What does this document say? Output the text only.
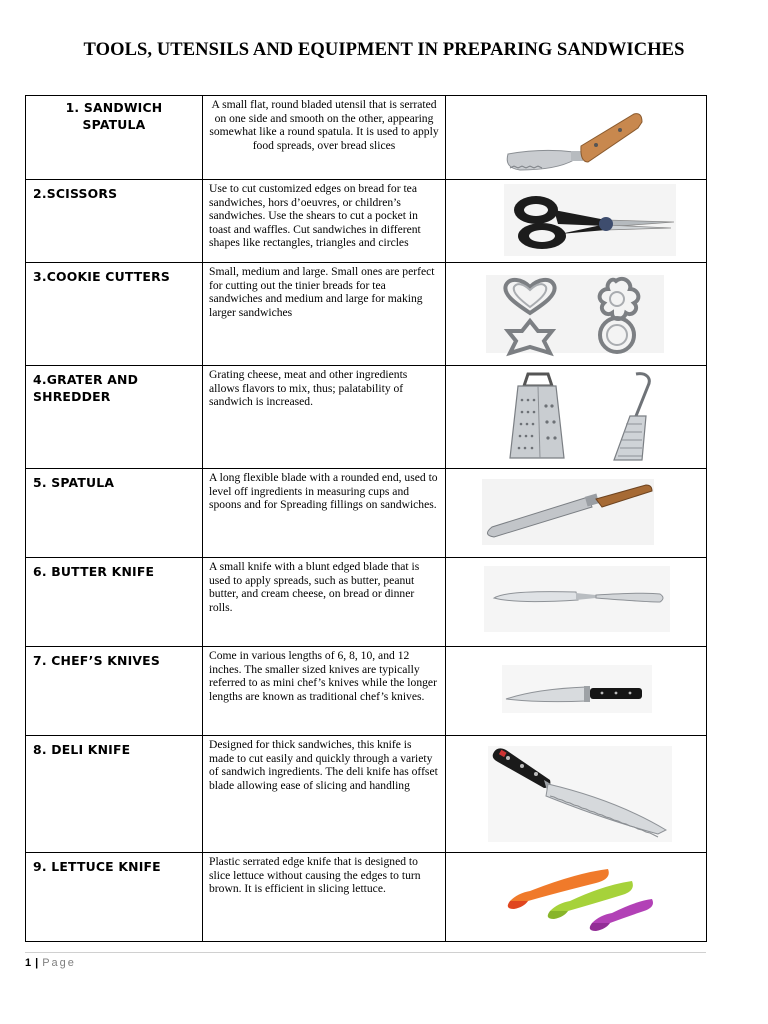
TOOLS, UTENSILS AND EQUIPMENT IN PREPARING SANDWICHES
1. SANDWICH SPATULA	A small flat, round bladed utensil that is serrated on one side and smooth on the other, appearing somewhat like a round spatula. It is used to apply food spreads, over bread slices

2.SCISSORS	Use to cut customized edges on bread for tea sandwiches, hors d’oeuvres, or children’s sandwiches. Use the shears to cut a pocket in toast and waffles. Cut sandwiches in different shapes like rectangles, triangles and circles

3.COOKIE CUTTERS	Small, medium and large. Small ones are perfect for cutting out the tinier breads for tea sandwiches and medium and large for making larger sandwiches

4.GRATER AND SHREDDER	Grating cheese, meat and other ingredients allows flavors to mix, thus; palatability of sandwich is increased.

5. SPATULA	A long flexible blade with a rounded end, used to level off ingredients in measuring cups and spoons and for Spreading fillings on sandwiches.

6. BUTTER KNIFE	A small knife with a blunt edged blade that is used to apply spreads, such as butter, peanut butter, and cream cheese, on bread or dinner rolls.

7. CHEF’S KNIVES	Come in various lengths of 6, 8, 10, and 12 inches. The smaller sized knives are typically referred to as mini chef’s knives while the longer lengths are known as traditional chef’s knives.

8. DELI KNIFE	Designed for thick sandwiches, this knife is made to cut easily and quickly through a variety of sandwich ingredients. The deli knife has offset blade allowing ease of slicing and handling

9. LETTUCE KNIFE	Plastic serrated edge knife that is designed to slice lettuce without causing the edges to turn brown. It is efficient in slicing lettuce.

1 | Page
